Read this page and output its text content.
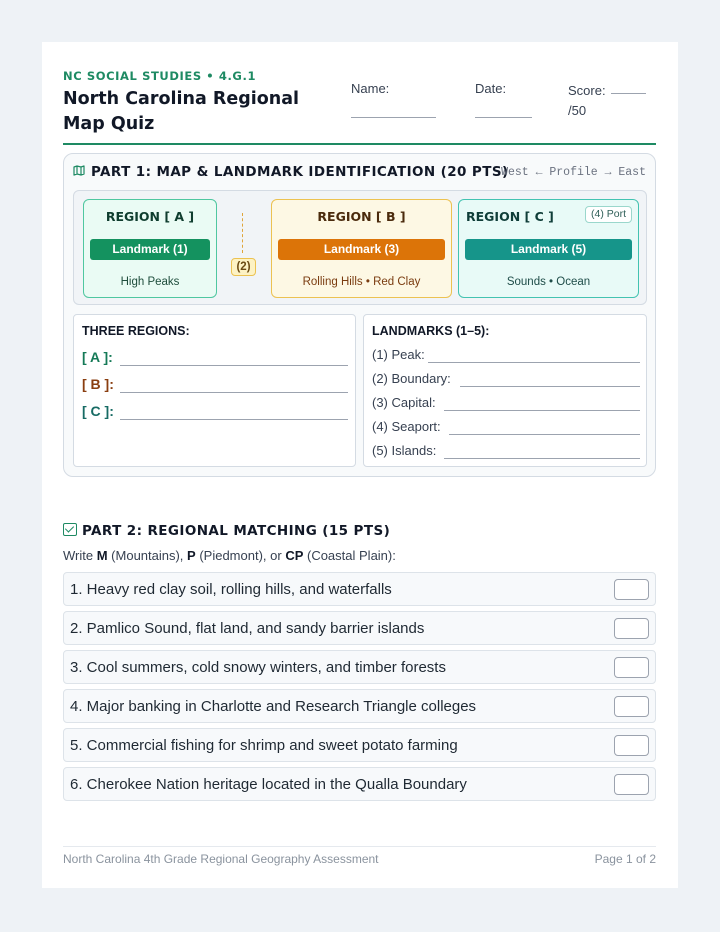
NC SOCIAL STUDIES • 4.G.1
North Carolina Regional Map Quiz
Name:	Date:	Score:
/50
PART 1: MAP & LANDMARK IDENTIFICATION (20 PTS)
West ← Profile → East
REGION [ A ]
Landmark (1)
High Peaks
(2)
REGION [ B ]
Landmark (3)
Rolling Hills • Red Clay
REGION [ C ]	(4) Port
Landmark (5)
Sounds • Ocean
THREE REGIONS:
[ A ]:
[ B ]:
[ C ]:
LANDMARKS (1–5):
(1) Peak:
(2) Boundary:
(3) Capital:
(4) Seaport:
(5) Islands:
PART 2: REGIONAL MATCHING (15 PTS)
Write M (Mountains), P (Piedmont), or CP (Coastal Plain):
1. Heavy red clay soil, rolling hills, and waterfalls
2. Pamlico Sound, flat land, and sandy barrier islands
3. Cool summers, cold snowy winters, and timber forests
4. Major banking in Charlotte and Research Triangle colleges
5. Commercial fishing for shrimp and sweet potato farming
6. Cherokee Nation heritage located in the Qualla Boundary
North Carolina 4th Grade Regional Geography Assessment	Page 1 of 2
